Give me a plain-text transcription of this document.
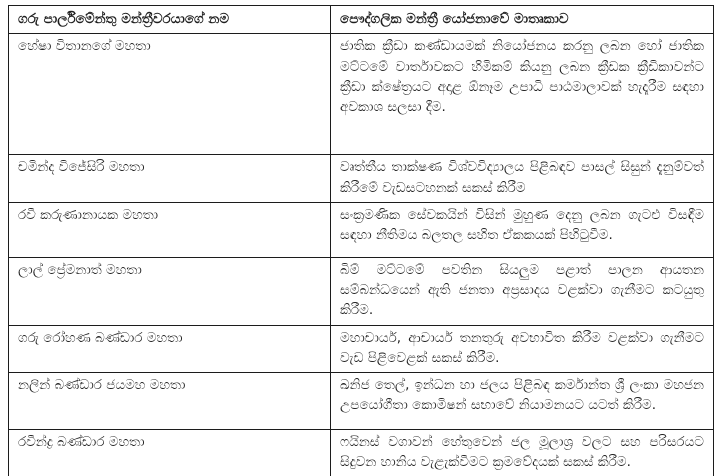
ගරු පාර්ලිමේන්තු මන්ත්‍රීවරයාගේ නම	පෞද්ගලික මන්ත්‍රී යෝජනාවේ මාතෘකාව
හේෂා විතානගේ මහතා	ජාතික ක්‍රීඩා කණ්ඩායමක් නියෝජනය කරනු ලබන හෝ ජාතික මට්ටමේ වාර්තාවකට හිමිකම් කියනු ලබන ක්‍රීඩක ක්‍රීඩිකාවන්ට ක්‍රීඩා ක්ෂේත්‍රයට අදාළ ඕනෑම උපාධි පාඨමාලාවක් හැදෑරීම සඳහා අවකාශ සලසා දීම.
චමින්ද විජේසිරි මහතා	වෘත්තීය තාක්ෂණ විශ්වවිද්‍යාලය පිළිබඳව පාසල් සිසුන් දැනුම්වත් කිරීමේ වැඩසටහනක් සකස් කිරීම
රවී කරුණානායක මහතා	සංක්‍රමණික සේවකයින් විසින් මුහුණ දෙනු ලබන ගැටළු විසඳීම සඳහා නීතිමය බලතල සහිත ඒකකයක් පිහිටුවීම.
ලාල් ප්‍රේමනාත් මහතා	බිම් මට්ටමේ පවතින සියලුම පළාත් පාලන ආයතන සම්බන්ධයෙන් ඇති ජනතා අප්‍රසාදය වළක්වා ගැනීමට කටයුතු කිරීම.
ගරු රෝහණ බණ්ඩාර මහතා	මහාචාර්ය, ආචාර්ය තනතුරු අවභාවිත කිරීම වළක්වා ගැනීමට වැඩ පිළිවෙළක් සකස් කිරීම.
නලින් බණ්ඩාර ජයමහ මහතා	ඛනිජ තෙල්, ඉන්ධන හා ජලය පිළිබඳ කර්මාන්ත ශ්‍රී ලංකා මහජන උපයෝගීතා කොමිෂන් සභාවේ නියාමනයට යටත් කිරීම.
රවීන්ද්‍ර බණ්ඩාර මහතා	ෆයිනස් වගාවන් හේතුවෙන් ජල මූලාශ්‍ර වලට සහ පරිසරයට සිදුවන හානිය වැළැක්වීමට ක්‍රමවේදයක් සකස් කිරීම.
